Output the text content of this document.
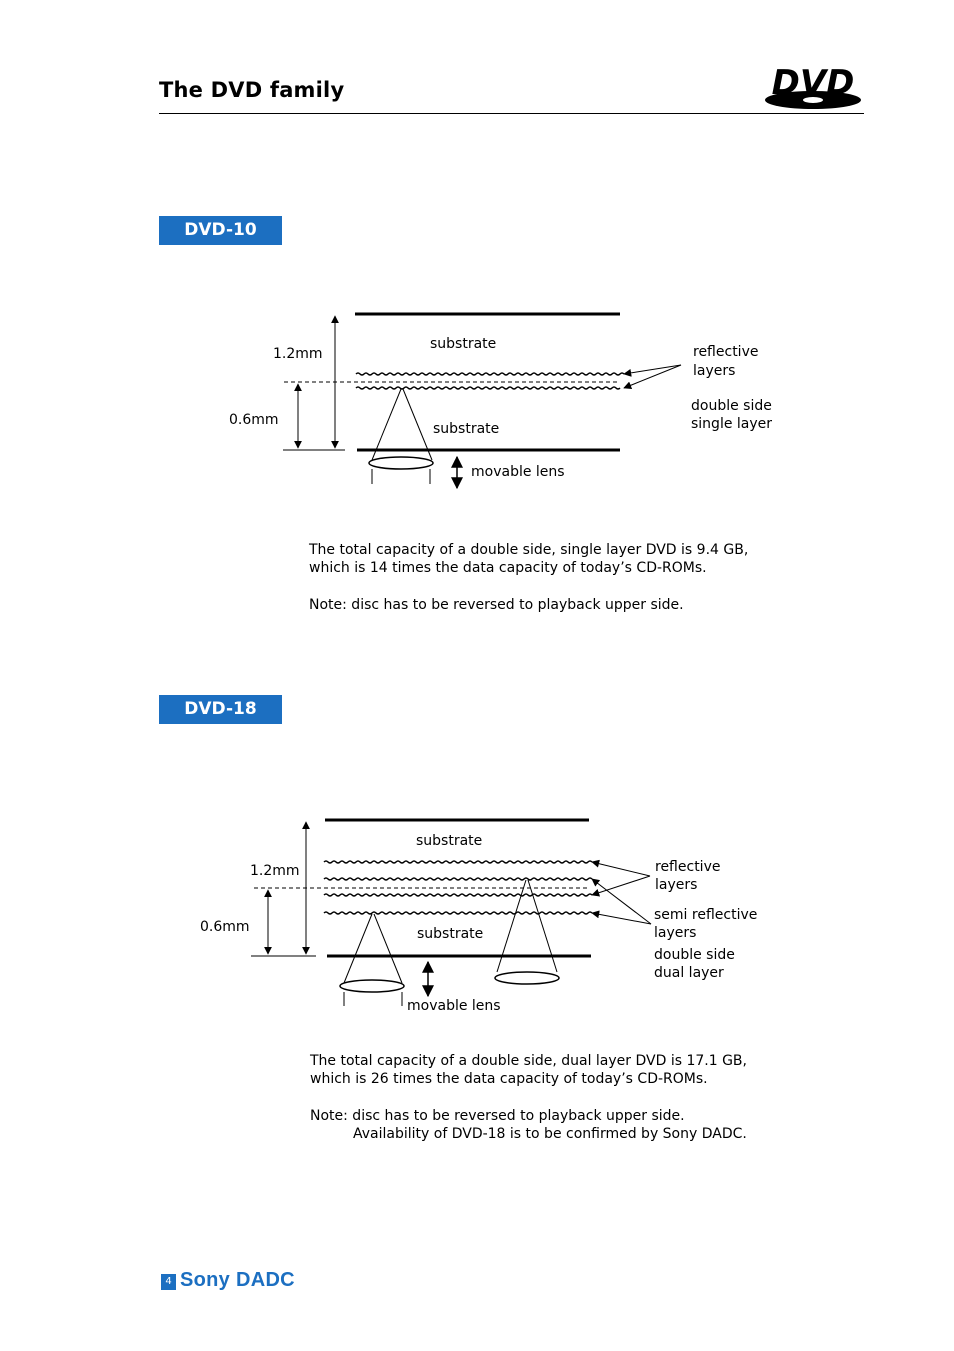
The DVD family	DVD
DVD-10
1.2mm
0.6mm
substrate
substrate
movable lens
reflective
layers
double side
single layer
The total capacity of a double side, single layer DVD is 9.4 GB,
which is 14 times the data capacity of today’s CD-ROMs.
Note: disc has to be reversed to playback upper side.
DVD-18
1.2mm
0.6mm
substrate
substrate
movable lens
reflective
layers
semi reflective
layers
double side
dual layer
The total capacity of a double side, dual layer DVD is 17.1 GB,
which is 26 times the data capacity of today’s CD-ROMs.
Note: disc has to be reversed to playback upper side.
Availability of DVD-18 is to be confirmed by Sony DADC.
4 Sony DADC
